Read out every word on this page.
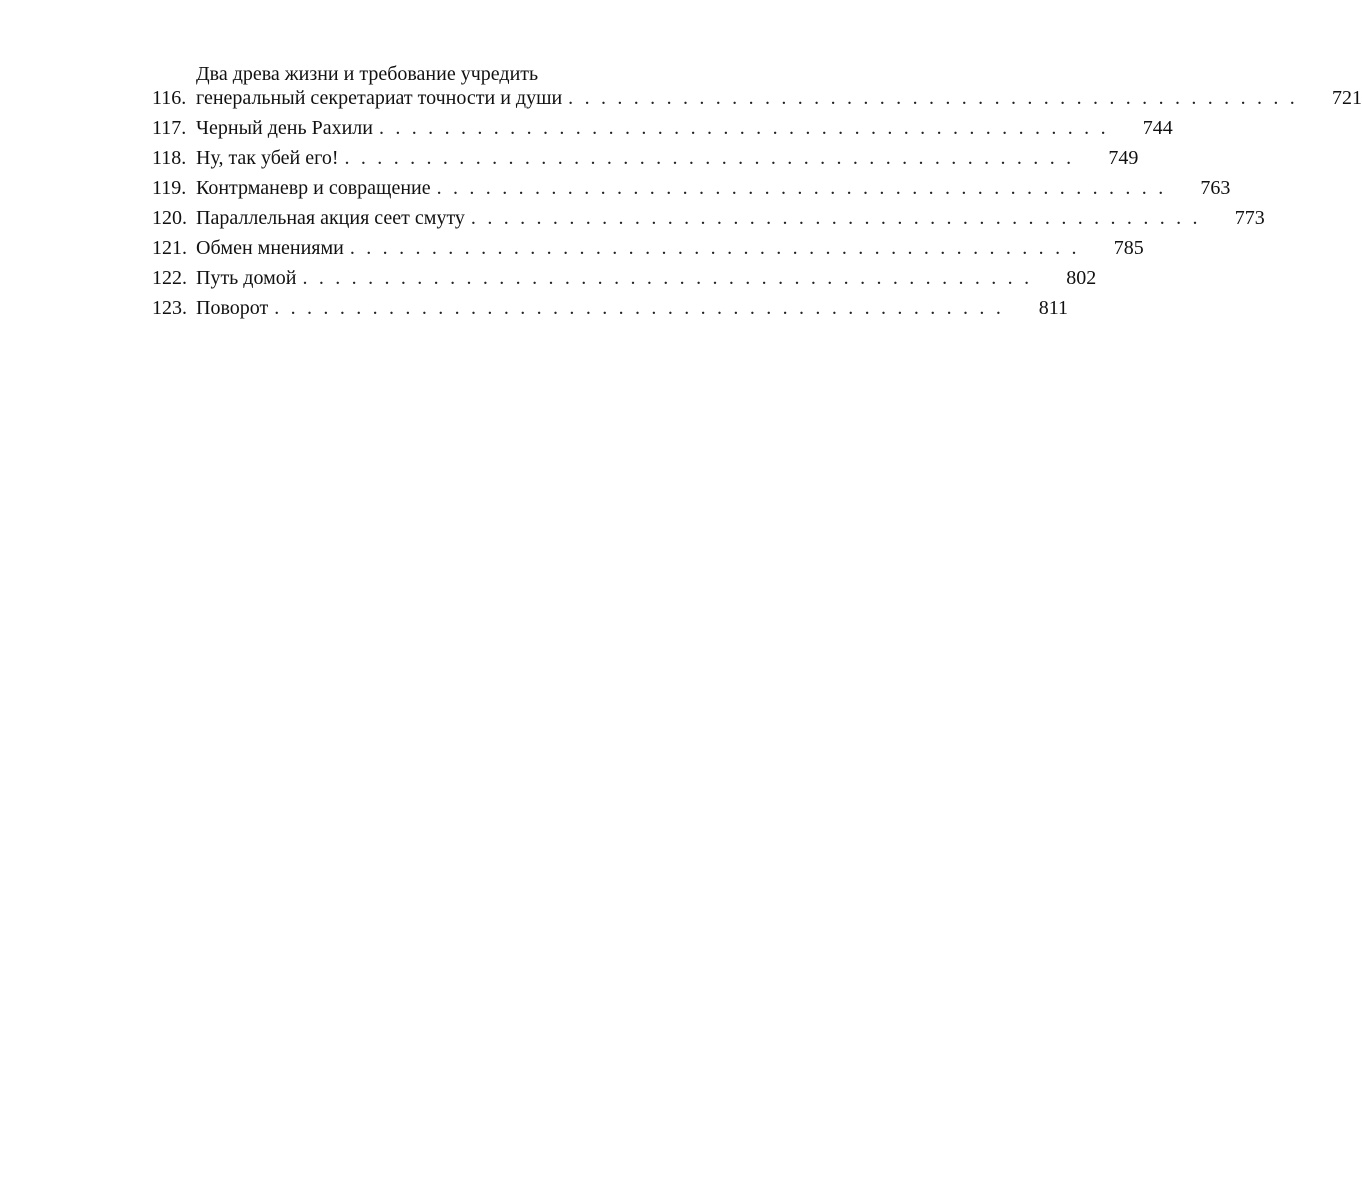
116.
Два древа жизни и требование учредить
генеральный секретариат точности и души . . . . . . . . . . . . . . . . . . . . . . . . . . . . . . . . . . . . . . . . . . . . .	721
117. Черный день Рахили . . . . . . . . . . . . . . . . . . . . . . . . . . . . . . . . . . . . . . . . . . . . .	744
118. Ну, так убей его! . . . . . . . . . . . . . . . . . . . . . . . . . . . . . . . . . . . . . . . . . . . . .	749
119. Контрманевр и совращение . . . . . . . . . . . . . . . . . . . . . . . . . . . . . . . . . . . . . . . . . . . . .	763
120. Параллельная акция сеет смуту . . . . . . . . . . . . . . . . . . . . . . . . . . . . . . . . . . . . . . . . . . . . .	773
121. Обмен мнениями . . . . . . . . . . . . . . . . . . . . . . . . . . . . . . . . . . . . . . . . . . . . .	785
122. Путь домой . . . . . . . . . . . . . . . . . . . . . . . . . . . . . . . . . . . . . . . . . . . . .	802
123. Поворот . . . . . . . . . . . . . . . . . . . . . . . . . . . . . . . . . . . . . . . . . . . . .	811
